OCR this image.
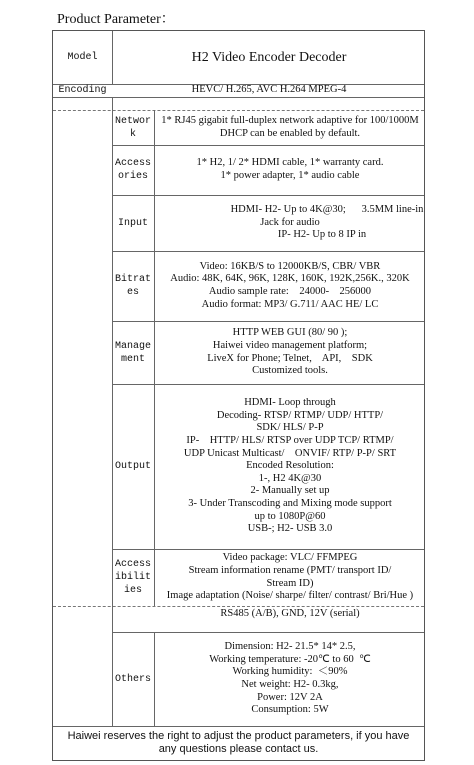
Product Parameter：
Model	H2 Video Encoder Decoder
Encoding	HEVC/ H.265, AVC H.264 MPEG-4
Networ k
1* RJ45 gigabit full-duplex network adaptive for 100/1000M
DHCP can be enabled by default.
Access ories
1* H2, 1/ 2* HDMI cable, 1* warranty card.
1* power adapter, 1* audio cable
Input
HDMI- H2- Up to 4K@30;      3.5MM line-in
Jack for audio
IP- H2- Up to 8 IP in
Bitrat es
Video: 16KB/S to 12000KB/S, CBR/ VBR
Audio: 48K, 64K, 96K, 128K, 160K, 192K,256K., 320K
Audio sample rate:    24000-    256000
Audio format: MP3/ G.711/ AAC HE/ LC
Manage ment
HTTP WEB GUI (80/ 90 );
Haiwei video management platform;
LiveX for Phone; Telnet,    API,    SDK
Customized tools.
Output
HDMI- Loop through
Decoding- RTSP/ RTMP/ UDP/ HTTP/
SDK/ HLS/ P-P
IP-    HTTP/ HLS/ RTSP over UDP TCP/ RTMP/
UDP Unicast Multicast/    ONVIF/ RTP/ P-P/ SRT
Encoded Resolution:
1-, H2 4K@30
2- Manually set up
3- Under Transcoding and Mixing mode support
up to 1080P@60
USB-; H2- USB 3.0
Access ibilit ies
Video package: VLC/ FFMPEG
Stream information rename (PMT/ transport ID/
Stream ID)
Image adaptation (Noise/ sharpe/ filter/ contrast/ Bri/Hue )
RS485 (A/B), GND, 12V (serial)
Others
Dimension: H2- 21.5* 14* 2.5,
Working temperature: -20℃ to 60  ℃
Working humidity:  ＜90%
Net weight: H2- 0.3kg,
Power: 12V 2A
Consumption: 5W
Haiwei reserves the right to adjust the product parameters, if you have any questions please contact us.
